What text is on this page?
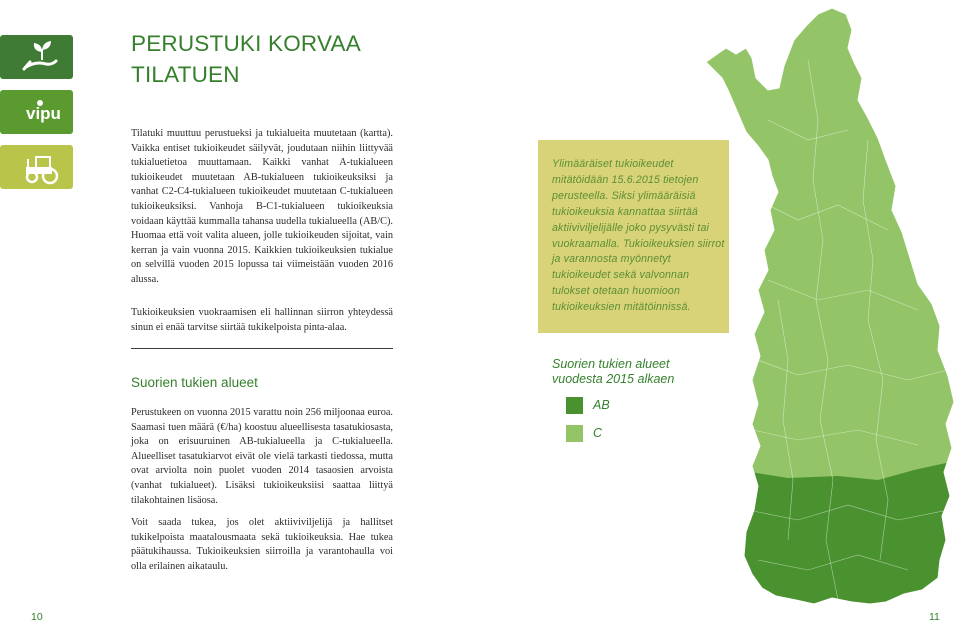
vipu
PERUSTUKI KORVAA
TILATUEN
Tilatuki muuttuu perustueksi ja tukialueita muutetaan (kartta). Vaikka entiset tukioikeudet säilyvät, joudutaan niihin liittyvää tukialuetietoa muuttamaan. Kaikki vanhat A-tukialueen tukioikeudet muutetaan AB-tukialueen tukioikeuksiksi ja vanhat C2-C4-tukialueen tukioikeudet muutetaan C-tukialueen tukioikeuksiksi. Vanhoja B-C1-tukialueen tukioikeuksia voidaan käyttää kummalla tahansa uudella tukialueella (AB/C). Huomaa että voit valita alueen, jolle tukioikeuden sijoitat, vain kerran ja vain vuonna 2015. Kaikkien tukioikeuksien tukialue on selvillä vuoden 2015 lopussa tai viimeistään vuoden 2016 alussa.
Tukioikeuksien vuokraamisen eli hallinnan siirron yhteydessä sinun ei enää tarvitse siirtää tukikelpoista pinta-alaa.
Suorien tukien alueet
Perustukeen on vuonna 2015 varattu noin 256 miljoonaa euroa. Saamasi tuen määrä (€/ha) koostuu alueellisesta tasatukiosasta, joka on erisuuruinen AB-tukialueella ja C-tukialueella. Alueelliset tasatukiarvot eivät ole vielä tarkasti tiedossa, mutta ovat arviolta noin puolet vuoden 2014 tasaosien arvoista (vanhat tukialueet). Lisäksi tukioikeuksiisi saattaa liittyä tilakohtainen lisäosa.
Voit saada tukea, jos olet aktiiviviljelijä ja hallitset tukikelpoista maatalousmaata sekä tukioikeuksia. Hae tukea päätukihaussa. Tukioikeuksien siirroilla ja varantohaulla voi olla erilainen aikataulu.
Ylimääräiset tukioikeudet mitätöidään 15.6.2015 tietojen perusteella. Siksi ylimääräisiä tukioikeuksia kannattaa siirtää aktiiviviljelijälle joko pysyvästi tai vuokraamalla. Tukioikeuksien siirrot ja varannosta myönnetyt tukioikeudet sekä valvonnan tulokset otetaan huomioon tukioikeuksien mitätöinnissä.
Suorien tukien alueet
vuodesta 2015 alkaen
AB
C
10	11
